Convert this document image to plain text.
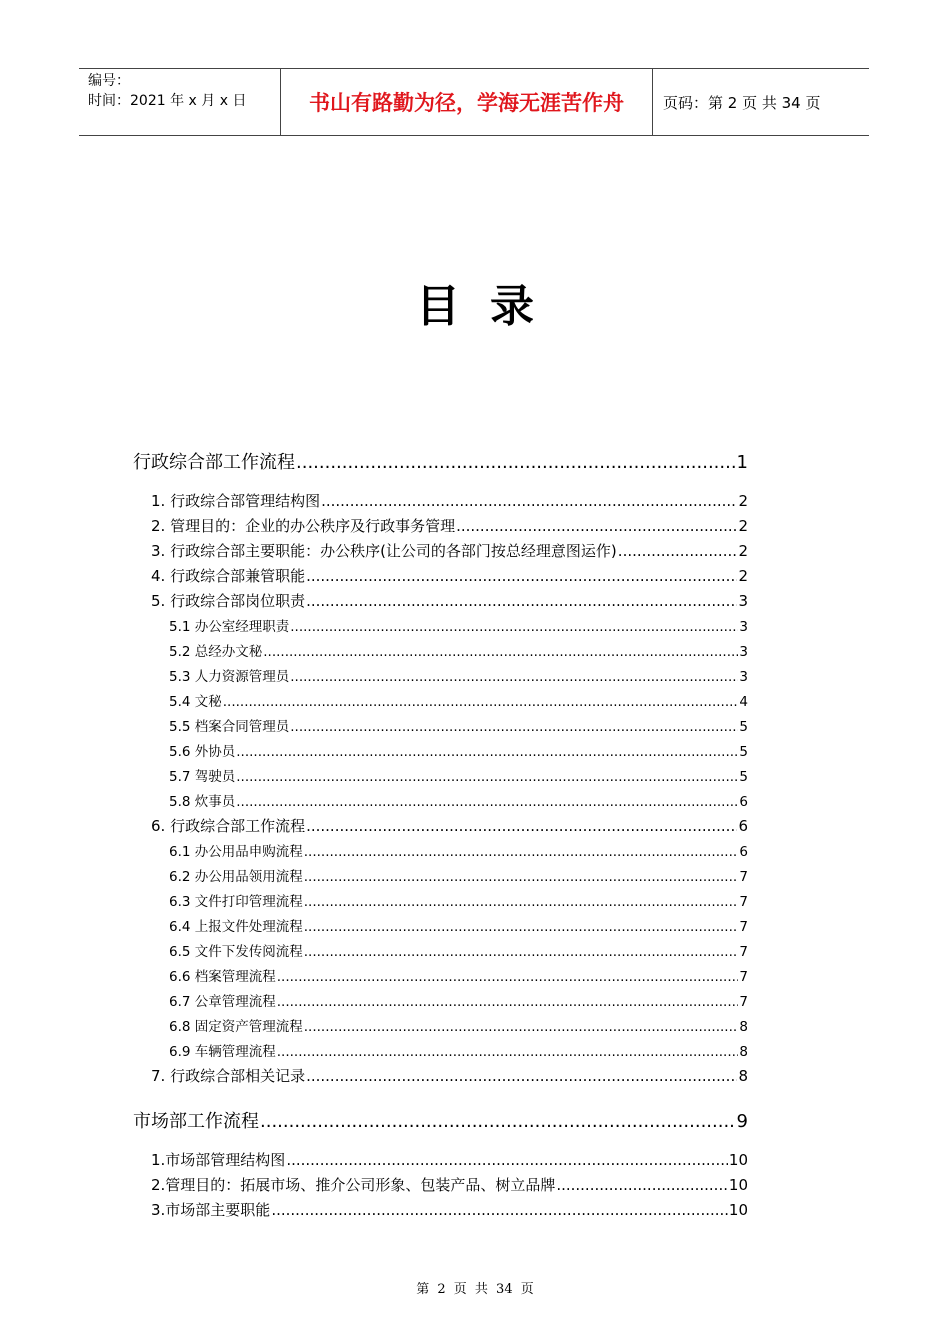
编号：
时间：2021 年 x 月 x 日	书山有路勤为径，学海无涯苦作舟	页码：第 2 页 共 34 页
目录
行政综合部工作流程 .....	1
1. 行政综合部管理结构图 .....	2
2. 管理目的：企业的办公秩序及行政事务管理 .....	2
3. 行政综合部主要职能：办公秩序(让公司的各部门按总经理意图运作) .....	2
4. 行政综合部兼管职能 .....	2
5. 行政综合部岗位职责 .....	3
5.1 办公室经理职责 .....	3
5.2 总经办文秘 .....	3
5.3 人力资源管理员 .....	3
5.4 文秘 .....	4
5.5 档案合同管理员 .....	5
5.6 外协员 .....	5
5.7 驾驶员 .....	5
5.8 炊事员 .....	6
6. 行政综合部工作流程 .....	6
6.1 办公用品申购流程 .....	6
6.2 办公用品领用流程 .....	7
6.3 文件打印管理流程 .....	7
6.4 上报文件处理流程 .....	7
6.5 文件下发传阅流程 .....	7
6.6 档案管理流程 .....	7
6.7 公章管理流程 .....	7
6.8 固定资产管理流程 .....	8
6.9 车辆管理流程 .....	8
7. 行政综合部相关记录 .....	8
市场部工作流程 .....	9
1.市场部管理结构图 .....	10
2.管理目的：拓展市场、推介公司形象、包装产品、树立品牌 .....	10
3.市场部主要职能 .....	10
第 2 页 共 34 页
